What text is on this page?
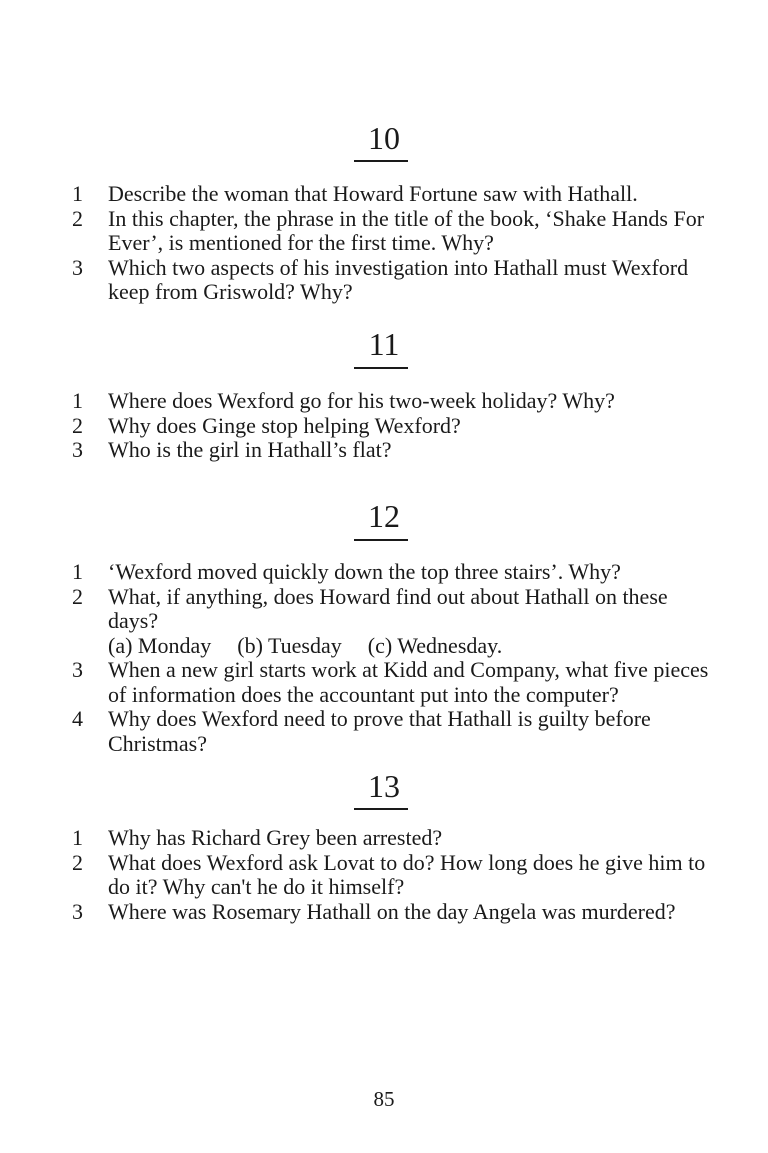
10
1	Describe the woman that Howard Fortune saw with Hathall.
2	In this chapter, the phrase in the title of the book, ‘Shake Hands For Ever’, is mentioned for the first time. Why?
3	Which two aspects of his investigation into Hathall must Wexford keep from Griswold? Why?
11
1	Where does Wexford go for his two-week holiday? Why?
2	Why does Ginge stop helping Wexford?
3	Who is the girl in Hathall’s flat?
12
1	‘Wexford moved quickly down the top three stairs’. Why?
2	What, if anything, does Howard find out about Hathall on these days?
(a) Monday (b) Tuesday (c) Wednesday.
3	When a new girl starts work at Kidd and Company, what five pieces of information does the accountant put into the computer?
4	Why does Wexford need to prove that Hathall is guilty before Christmas?
13
1	Why has Richard Grey been arrested?
2	What does Wexford ask Lovat to do? How long does he give him to do it? Why can't he do it himself?
3	Where was Rosemary Hathall on the day Angela was murdered?
85
